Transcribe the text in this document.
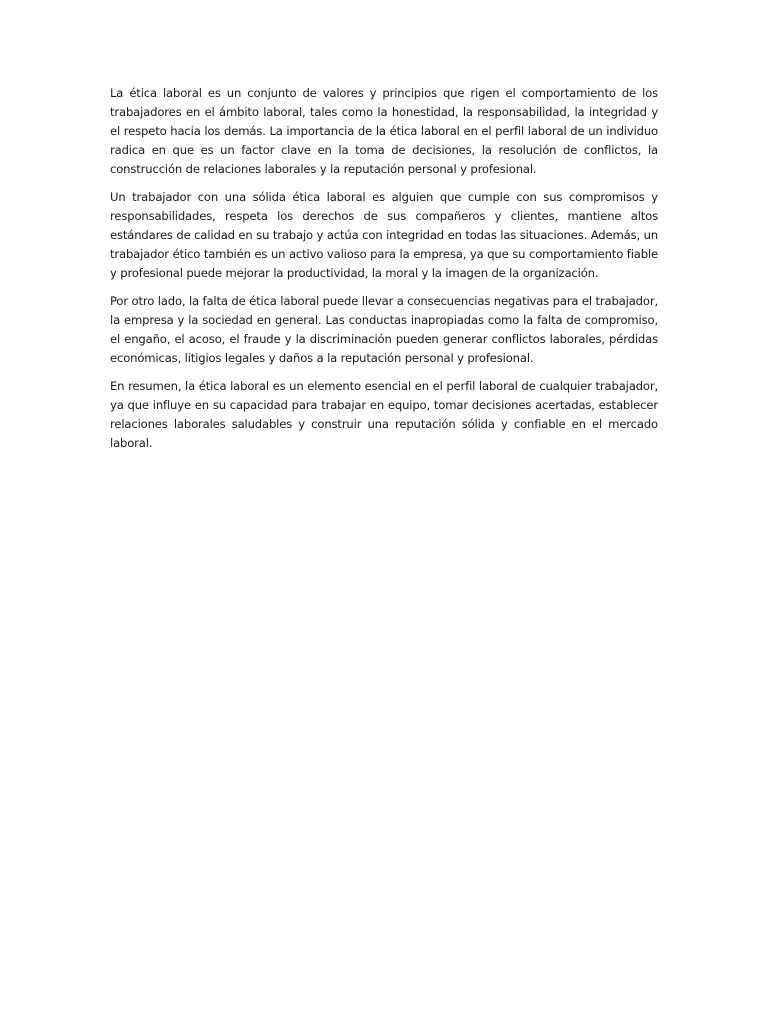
La ética laboral es un conjunto de valores y principios que rigen el comportamiento de los trabajadores en el ámbito laboral, tales como la honestidad, la responsabilidad, la integridad y el respeto hacia los demás. La importancia de la ética laboral en el perfil laboral de un individuo radica en que es un factor clave en la toma de decisiones, la resolución de conflictos, la construcción de relaciones laborales y la reputación personal y profesional.

Un trabajador con una sólida ética laboral es alguien que cumple con sus compromisos y responsabilidades, respeta los derechos de sus compañeros y clientes, mantiene altos estándares de calidad en su trabajo y actúa con integridad en todas las situaciones. Además, un trabajador ético también es un activo valioso para la empresa, ya que su comportamiento fiable y profesional puede mejorar la productividad, la moral y la imagen de la organización.

Por otro lado, la falta de ética laboral puede llevar a consecuencias negativas para el trabajador, la empresa y la sociedad en general. Las conductas inapropiadas como la falta de compromiso, el engaño, el acoso, el fraude y la discriminación pueden generar conflictos laborales, pérdidas económicas, litigios legales y daños a la reputación personal y profesional.

En resumen, la ética laboral es un elemento esencial en el perfil laboral de cualquier trabajador, ya que influye en su capacidad para trabajar en equipo, tomar decisiones acertadas, establecer relaciones laborales saludables y construir una reputación sólida y confiable en el mercado laboral.
